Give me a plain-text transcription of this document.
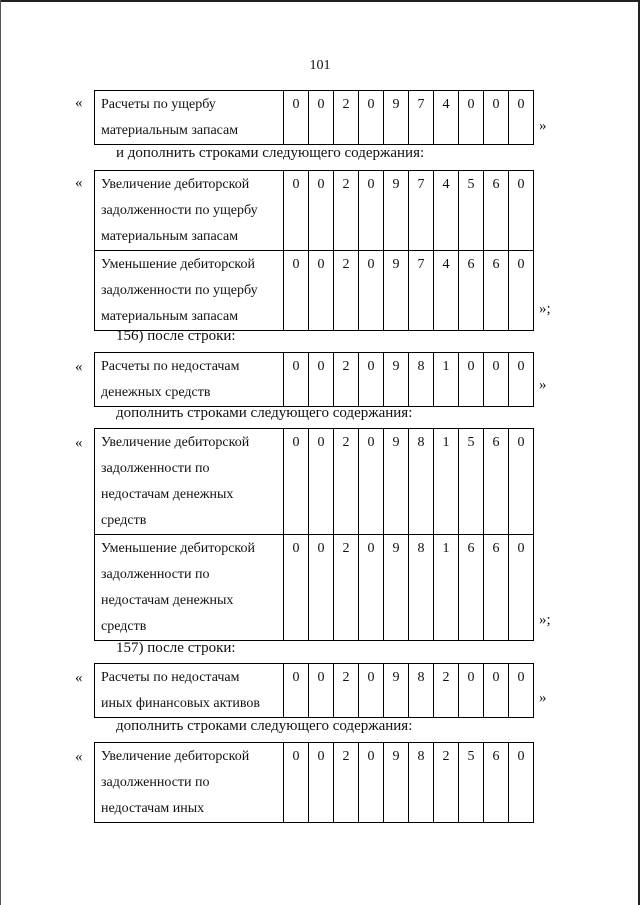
101
« Расчеты по ущербу
материальным запасам
	0	0	2	0	9	7	4	0	0	0
»
и дополнить строками следующего содержания:
« Увеличение дебиторской
задолженности по ущербу
материальным запасам	0	0	2	0	9	7	4	5	6	0

Уменьшение дебиторской
задолженности по ущербу
материальным запасам	0	0	2	0	9	7	4	6	6	0
»;
156) после строки:
« Расчеты по недостачам
денежных средств
	0	0	2	0	9	8	1	0	0	0
»
дополнить строками следующего содержания:
« Увеличение дебиторской
задолженности по
недостачам денежных
средств	0	0	2	0	9	8	1	5	6	0

Уменьшение дебиторской
задолженности по
недостачам денежных
средств	0	0	2	0	9	8	1	6	6	0
»;
157) после строки:
« Расчеты по недостачам
иных финансовых активов
	0	0	2	0	9	8	2	0	0	0
»
дополнить строками следующего содержания:
« Увеличение дебиторской
задолженности по
недостачам иных
	0	0	2	0	9	8	2	5	6	0
